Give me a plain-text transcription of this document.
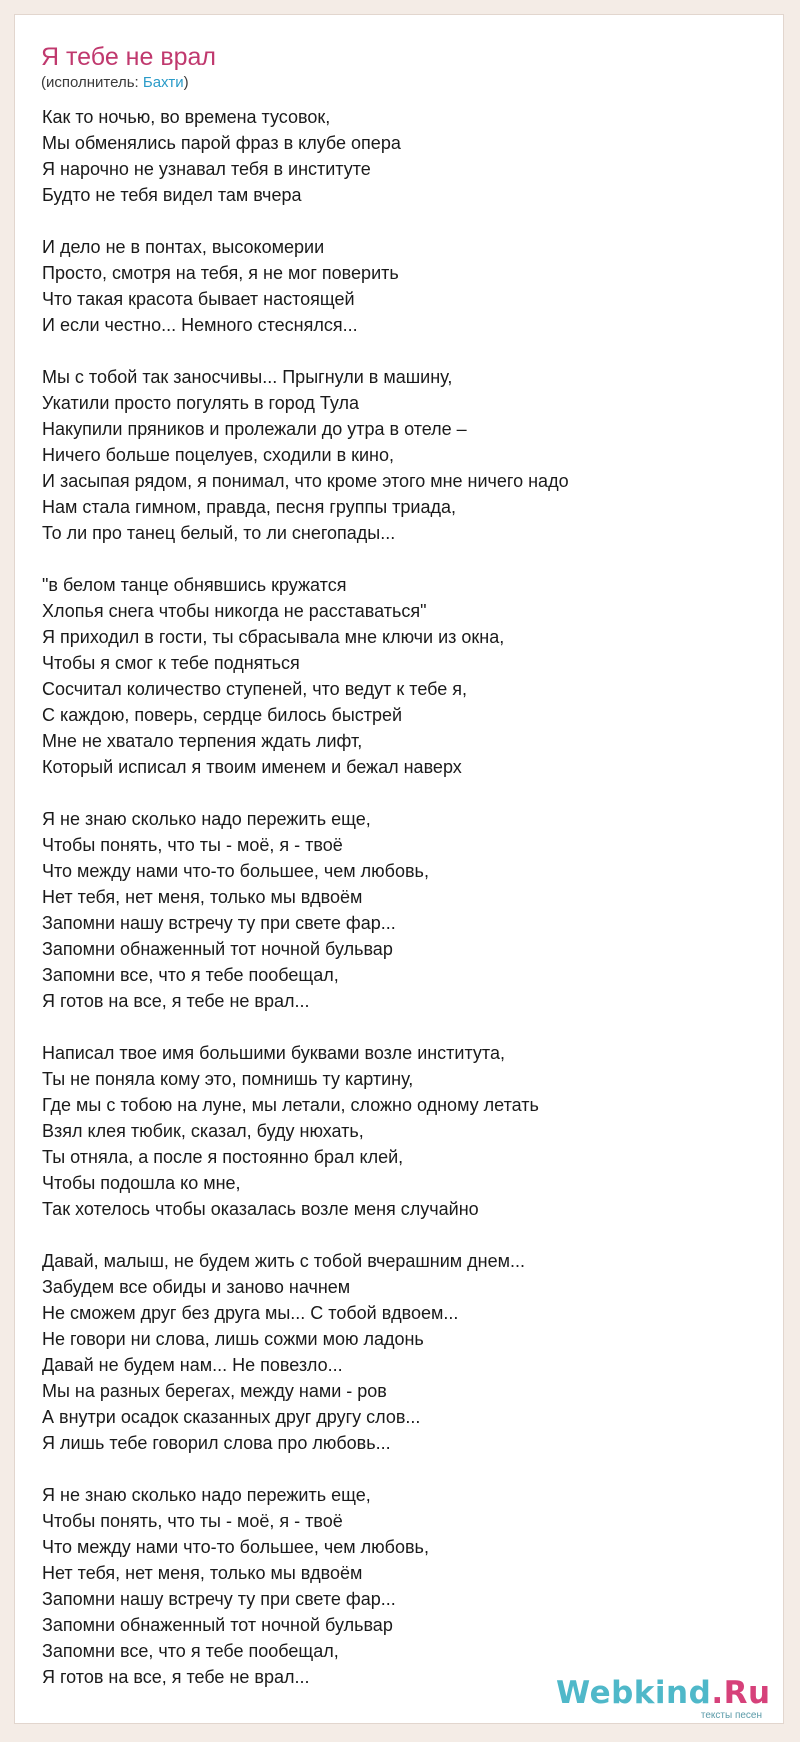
Я тебе не врал
(исполнитель: Бахти)
Как то ночью, во времена тусовок,
Мы обменялись парой фраз в клубе опера
Я нарочно не узнавал тебя в институте
Будто не тебя видел там вчера
И дело не в понтах, высокомерии
Просто, смотря на тебя, я не мог поверить
Что такая красота бывает настоящей
И если честно... Немного стеснялся...
Мы с тобой так заносчивы... Прыгнули в машину,
Укатили просто погулять в город Тула
Накупили пряников и пролежали до утра в отеле –
Ничего больше поцелуев, сходили в кино,
И засыпая рядом, я понимал, что кроме этого мне ничего надо
Нам стала гимном, правда, песня группы триада,
То ли про танец белый, то ли снегопады...
"в белом танце обнявшись кружатся
Хлопья снега чтобы никогда не расставаться"
Я приходил в гости, ты сбрасывала мне ключи из окна,
Чтобы я смог к тебе подняться
Сосчитал количество ступеней, что ведут к тебе я,
С каждою, поверь, сердце билось быстрей
Мне не хватало терпения ждать лифт,
Который исписал я твоим именем и бежал наверх
Я не знаю сколько надо пережить еще,
Чтобы понять, что ты - моё, я - твоё
Что между нами что-то большее, чем любовь,
Нет тебя, нет меня, только мы вдвоём
Запомни нашу встречу ту при свете фар...
Запомни обнаженный тот ночной бульвар
Запомни все, что я тебе пообещал,
Я готов на все, я тебе не врал...
Написал твое имя большими буквами возле института,
Ты не поняла кому это, помнишь ту картину,
Где мы с тобою на луне, мы летали, сложно одному летать
Взял клея тюбик, сказал, буду нюхать,
Ты отняла, а после я постоянно брал клей,
Чтобы подошла ко мне,
Так хотелось чтобы оказалась возле меня случайно
Давай, малыш, не будем жить с тобой вчерашним днем...
Забудем все обиды и заново начнем
Не сможем друг без друга мы... С тобой вдвоем...
Не говори ни слова, лишь сожми мою ладонь
Давай не будем нам... Не повезло...
Мы на разных берегах, между нами - ров
А внутри осадок сказанных друг другу слов...
Я лишь тебе говорил слова про любовь...
Я не знаю сколько надо пережить еще,
Чтобы понять, что ты - моё, я - твоё
Что между нами что-то большее, чем любовь,
Нет тебя, нет меня, только мы вдвоём
Запомни нашу встречу ту при свете фар...
Запомни обнаженный тот ночной бульвар
Запомни все, что я тебе пообещал,
Я готов на все, я тебе не врал...	Webkind.Ru
тексты песен
